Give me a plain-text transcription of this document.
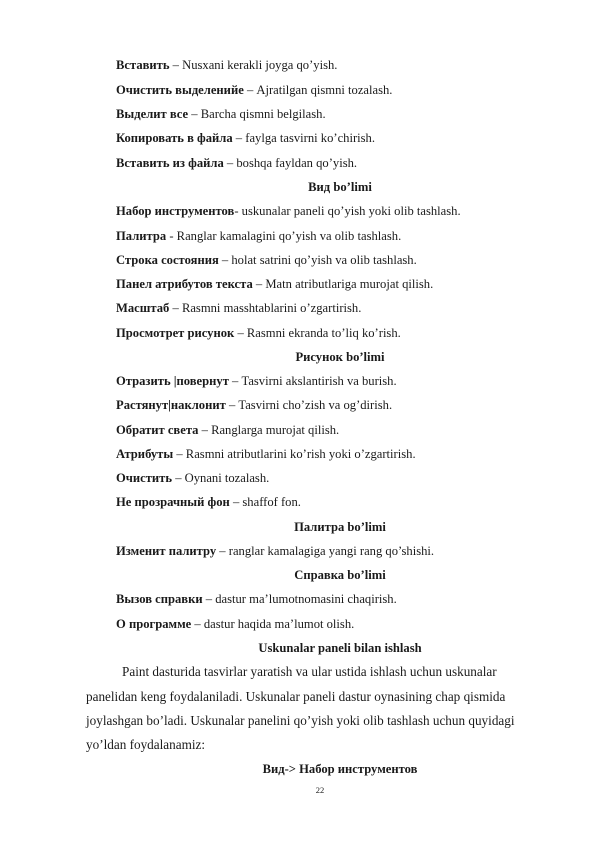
Вставить – Nusxani kerakli joyga qo’yish.
Очистить выделенийе – Ajratilgan qismni tozalash.
Выделит все – Barcha qismni belgilash.
Копировать в файла – faylga tasvirni ko’chirish.
Вставить из файла – boshqa fayldan qo’yish.
Вид bo’limi
Набор инструментов- uskunalar paneli qo’yish yoki olib tashlash.
Палитра - Ranglar kamalagini qo’yish va olib tashlash.
Строка состояния – holat satrini qo’yish va olib tashlash.
Панел атрибутов текста – Matn atributlariga murojat qilish.
Масштаб – Rasmni masshtablarini o’zgartirish.
Просмотрет рисунок – Rasmni ekranda to’liq ko’rish.
Рисунок bo’limi
Отразить |повернут – Tasvirni akslantirish va burish.
Растянут|наклонит – Tasvirni cho’zish va og’dirish.
Обратит света – Ranglarga murojat qilish.
Атрибуты – Rasmni atributlarini ko’rish yoki o’zgartirish.
Очистить – Oynani tozalash.
Не прозрачный фон – shaffof fon.
Палитра bo’limi
Изменит палитру – ranglar kamalagiga yangi rang qo’shishi.
Справка bo’limi
Вызов справки – dastur ma’lumotnomasini chaqirish.
О программе – dastur haqida ma’lumot olish.
Uskunalar paneli bilan ishlash
Paint dasturida tasvirlar yaratish va ular ustida ishlash uchun uskunalar
panelidan keng foydalaniladi. Uskunalar paneli dastur oynasining chap qismida
joylashgan bo’ladi. Uskunalar panelini qo’yish yoki olib tashlash uchun quyidagi
yo’ldan foydalanamiz:
Вид-> Набор инструментов
22
